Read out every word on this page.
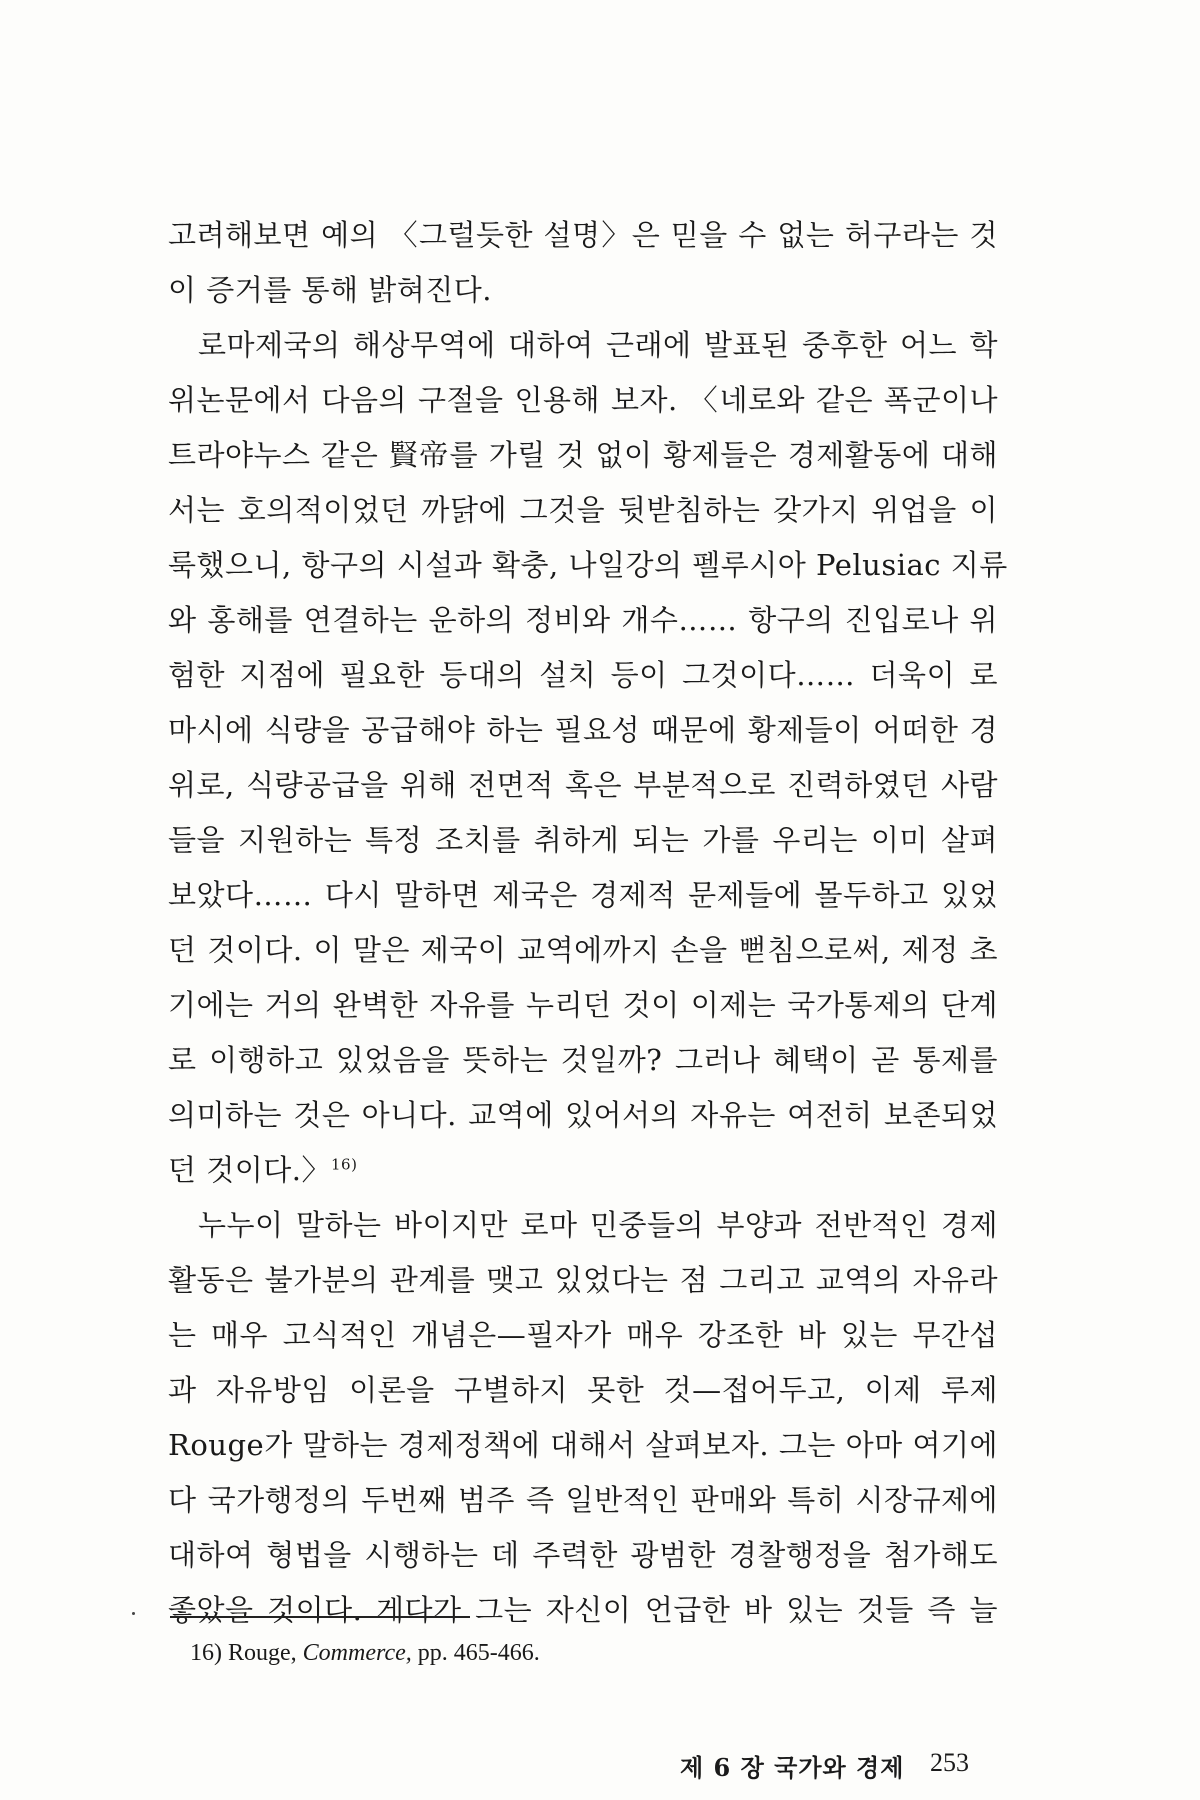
고려해보면 예의 〈그럴듯한 설명〉은 믿을 수 없는 허구라는 것
이 증거를 통해 밝혀진다.
로마제국의 해상무역에 대하여 근래에 발표된 중후한 어느 학
위논문에서 다음의 구절을 인용해 보자. 〈네로와 같은 폭군이나
트라야누스 같은 賢帝를 가릴 것 없이 황제들은 경제활동에 대해
서는 호의적이었던 까닭에 그것을 뒷받침하는 갖가지 위업을 이
룩했으니, 항구의 시설과 확충, 나일강의 펠루시아 Pelusiac 지류
와 홍해를 연결하는 운하의 정비와 개수…… 항구의 진입로나 위
험한 지점에 필요한 등대의 설치 등이 그것이다…… 더욱이 로
마시에 식량을 공급해야 하는 필요성 때문에 황제들이 어떠한 경
위로, 식량공급을 위해 전면적 혹은 부분적으로 진력하였던 사람
들을 지원하는 특정 조치를 취하게 되는 가를 우리는 이미 살펴
보았다…… 다시 말하면 제국은 경제적 문제들에 몰두하고 있었
던 것이다. 이 말은 제국이 교역에까지 손을 뻗침으로써, 제정 초
기에는 거의 완벽한 자유를 누리던 것이 이제는 국가통제의 단계
로 이행하고 있었음을 뜻하는 것일까? 그러나 혜택이 곧 통제를
의미하는 것은 아니다. 교역에 있어서의 자유는 여전히 보존되었
던 것이다.〉$^{16)}$
누누이 말하는 바이지만 로마 민중들의 부양과 전반적인 경제
활동은 불가분의 관계를 맺고 있었다는 점 그리고 교역의 자유라
는 매우 고식적인 개념은—필자가 매우 강조한 바 있는 무간섭
과 자유방임 이론을 구별하지 못한 것—접어두고, 이제 루제
Rouge가 말하는 경제정책에 대해서 살펴보자. 그는 아마 여기에
다 국가행정의 두번째 범주 즉 일반적인 판매와 특히 시장규제에
대하여 형법을 시행하는 데 주력한 광범한 경찰행정을 첨가해도
좋았을 것이다. 게다가 그는 자신이 언급한 바 있는 것들 즉 늘
16) Rouge, Commerce, pp. 465-466.
제 6 장 국가와 경제 253
